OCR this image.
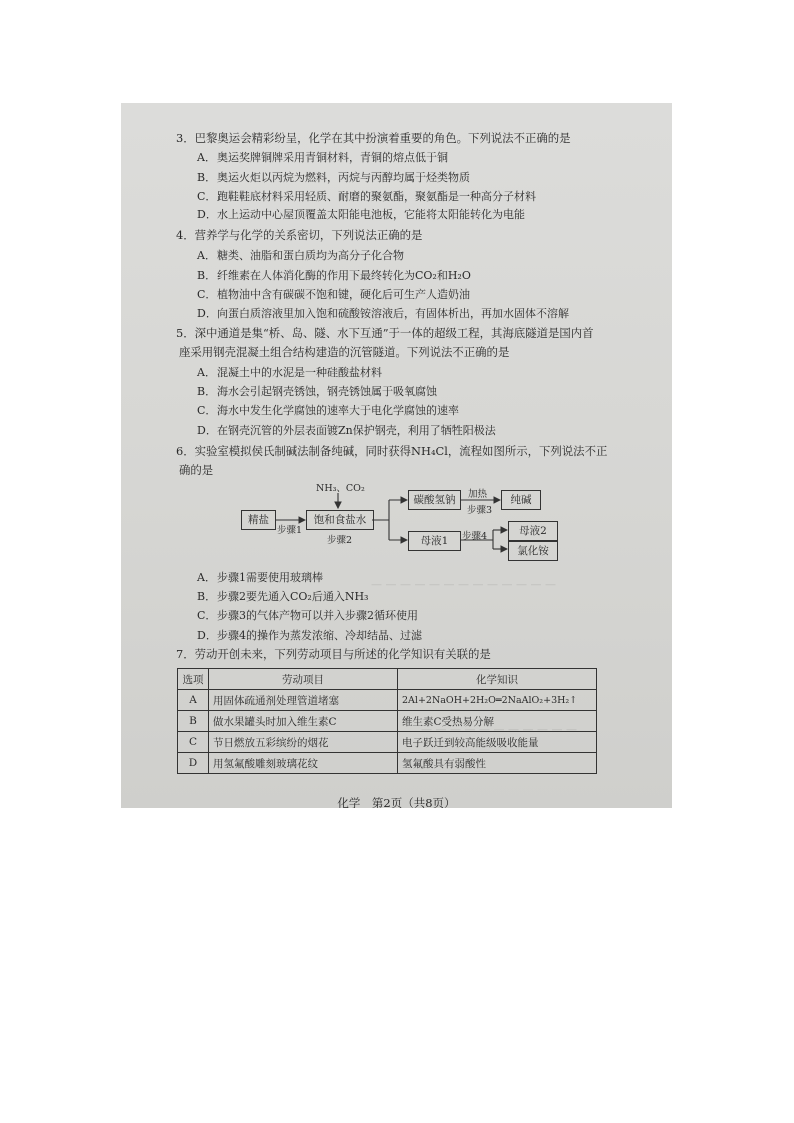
— — — — — — — — — — — — —
— — — — — — — — — — —
3．巴黎奥运会精彩纷呈，化学在其中扮演着重要的角色。下列说法不正确的是
A．奥运奖牌铜牌采用青铜材料，青铜的熔点低于铜
B．奥运火炬以丙烷为燃料，丙烷与丙醇均属于烃类物质
C．跑鞋鞋底材料采用轻质、耐磨的聚氨酯，聚氨酯是一种高分子材料
D．水上运动中心屋顶覆盖太阳能电池板，它能将太阳能转化为电能
4．营养学与化学的关系密切，下列说法正确的是
A．糖类、油脂和蛋白质均为高分子化合物
B．纤维素在人体消化酶的作用下最终转化为CO₂和H₂O
C．植物油中含有碳碳不饱和键，硬化后可生产人造奶油
D．向蛋白质溶液里加入饱和硫酸铵溶液后，有固体析出，再加水固体不溶解
5．深中通道是集“桥、岛、隧、水下互通”于一体的超级工程，其海底隧道是国内首
座采用钢壳混凝土组合结构建造的沉管隧道。下列说法不正确的是
A．混凝土中的水泥是一种硅酸盐材料
B．海水会引起钢壳锈蚀，钢壳锈蚀属于吸氧腐蚀
C．海水中发生化学腐蚀的速率大于电化学腐蚀的速率
D．在钢壳沉管的外层表面镀Zn保护钢壳，利用了牺牲阳极法
6．实验室模拟侯氏制碱法制备纯碱，同时获得NH₄Cl，流程如图所示，下列说法不正
确的是
精盐	饱和食盐水
碳酸氢钠	纯碱
母液1
母液2
氯化铵
NH₃、CO₂
步骤1
步骤2
加热
步骤3
步骤4
A．步骤1需要使用玻璃棒
B．步骤2要先通入CO₂后通入NH₃
C．步骤3的气体产物可以并入步骤2循环使用
D．步骤4的操作为蒸发浓缩、冷却结晶、过滤
7．劳动开创未来，下列劳动项目与所述的化学知识有关联的是
选项	劳动项目	化学知识
A	用固体疏通剂处理管道堵塞	2Al+2NaOH+2H₂O═2NaAlO₂+3H₂↑
B	做水果罐头时加入维生素C	维生素C受热易分解
C	节日燃放五彩缤纷的烟花	电子跃迁到较高能级吸收能量
D	用氢氟酸雕刻玻璃花纹	氢氟酸具有弱酸性
化学　第2页（共8页）
